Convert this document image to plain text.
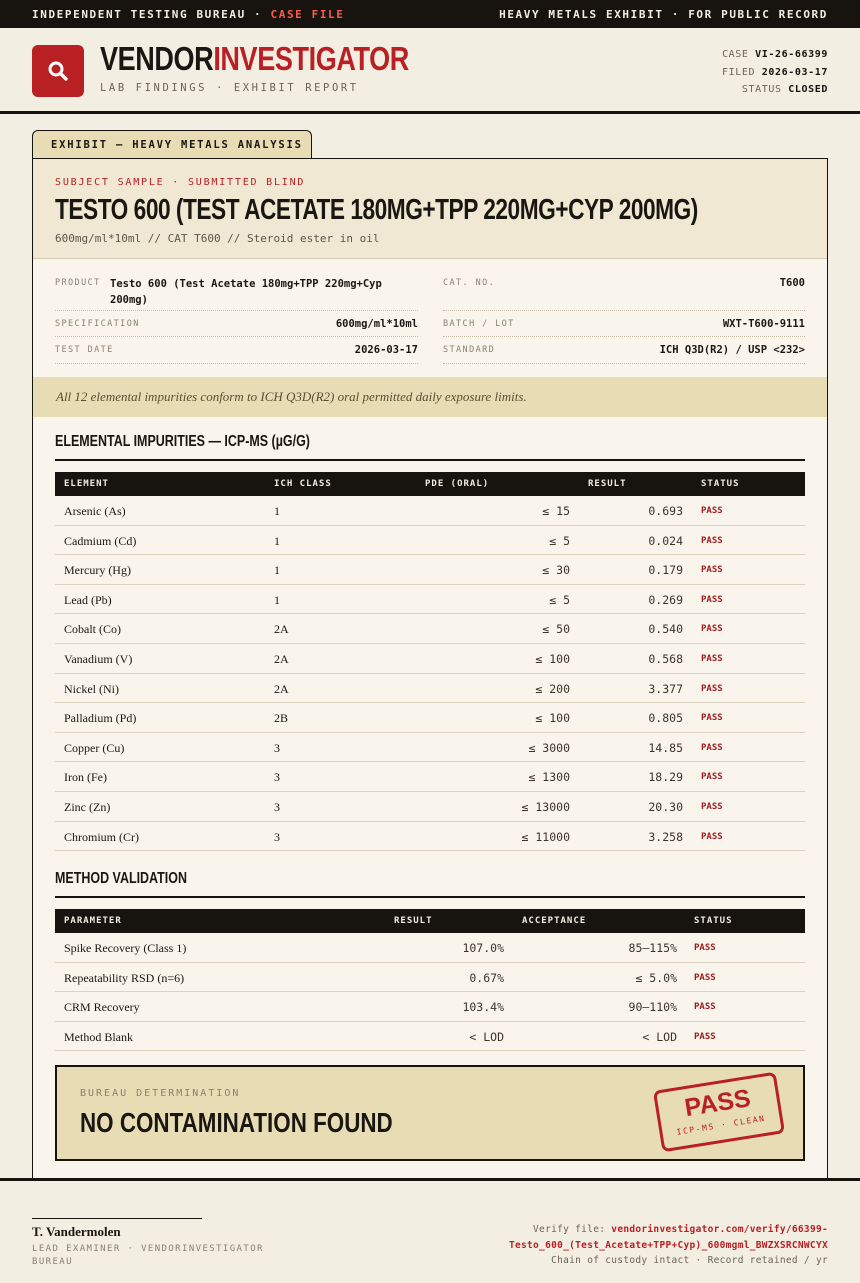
INDEPENDENT TESTING BUREAU · CASE FILE	HEAVY METALS EXHIBIT · FOR PUBLIC RECORD
VENDORINVESTIGATOR
LAB FINDINGS · EXHIBIT REPORT
CASE VI-26-66399
FILED 2026-03-17
STATUS CLOSED
EXHIBIT — HEAVY METALS ANALYSIS
SUBJECT SAMPLE · SUBMITTED BLIND
TESTO 600 (TEST ACETATE 180MG+TPP 220MG+CYP 200MG)
600mg/ml*10ml // CAT T600 // Steroid ester in oil
PRODUCT Testo 600 (Test Acetate 180mg+TPP 220mg+Cyp 200mg)
CAT. NO.	T600
SPECIFICATION	600mg/ml*10ml	BATCH / LOT	WXT-T600-9111
TEST DATE	2026-03-17	STANDARD	ICH Q3D(R2) / USP <232>
All 12 elemental impurities conform to ICH Q3D(R2) oral permitted daily exposure limits.
ELEMENTAL IMPURITIES — ICP-MS (µG/G)
ELEMENT	ICH CLASS	PDE (ORAL)	RESULT	STATUS
Arsenic (As)	1	≤ 15	0.693 PASS
Cadmium (Cd)	1	≤ 5	0.024 PASS
Mercury (Hg)	1	≤ 30	0.179 PASS
Lead (Pb)	1	≤ 5	0.269 PASS
Cobalt (Co)	2A	≤ 50	0.540 PASS
Vanadium (V)	2A	≤ 100	0.568 PASS
Nickel (Ni)	2A	≤ 200	3.377 PASS
Palladium (Pd)	2B	≤ 100	0.805 PASS
Copper (Cu)	3	≤ 3000	14.85 PASS
Iron (Fe)	3	≤ 1300	18.29 PASS
Zinc (Zn)	3	≤ 13000	20.30 PASS
Chromium (Cr)	3	≤ 11000	3.258 PASS
METHOD VALIDATION
PARAMETER	RESULT	ACCEPTANCE	STATUS
Spike Recovery (Class 1)	107.0%	85–115% PASS
Repeatability RSD (n=6)	0.67%	≤ 5.0% PASS
CRM Recovery	103.4%	90–110% PASS
Method Blank	< LOD	< LOD PASS
BUREAU DETERMINATION
NO CONTAMINATION FOUND
PASS
ICP-MS · CLEAN
T. Vandermolen
LEAD EXAMINER · VENDORINVESTIGATOR BUREAU
Verify file: vendorinvestigator.com/verify/66399-Testo_600_(Test_Acetate+TPP+Cyp)_600mgml_BWZXSRCNWCYX
Chain of custody intact · Record retained / yr
